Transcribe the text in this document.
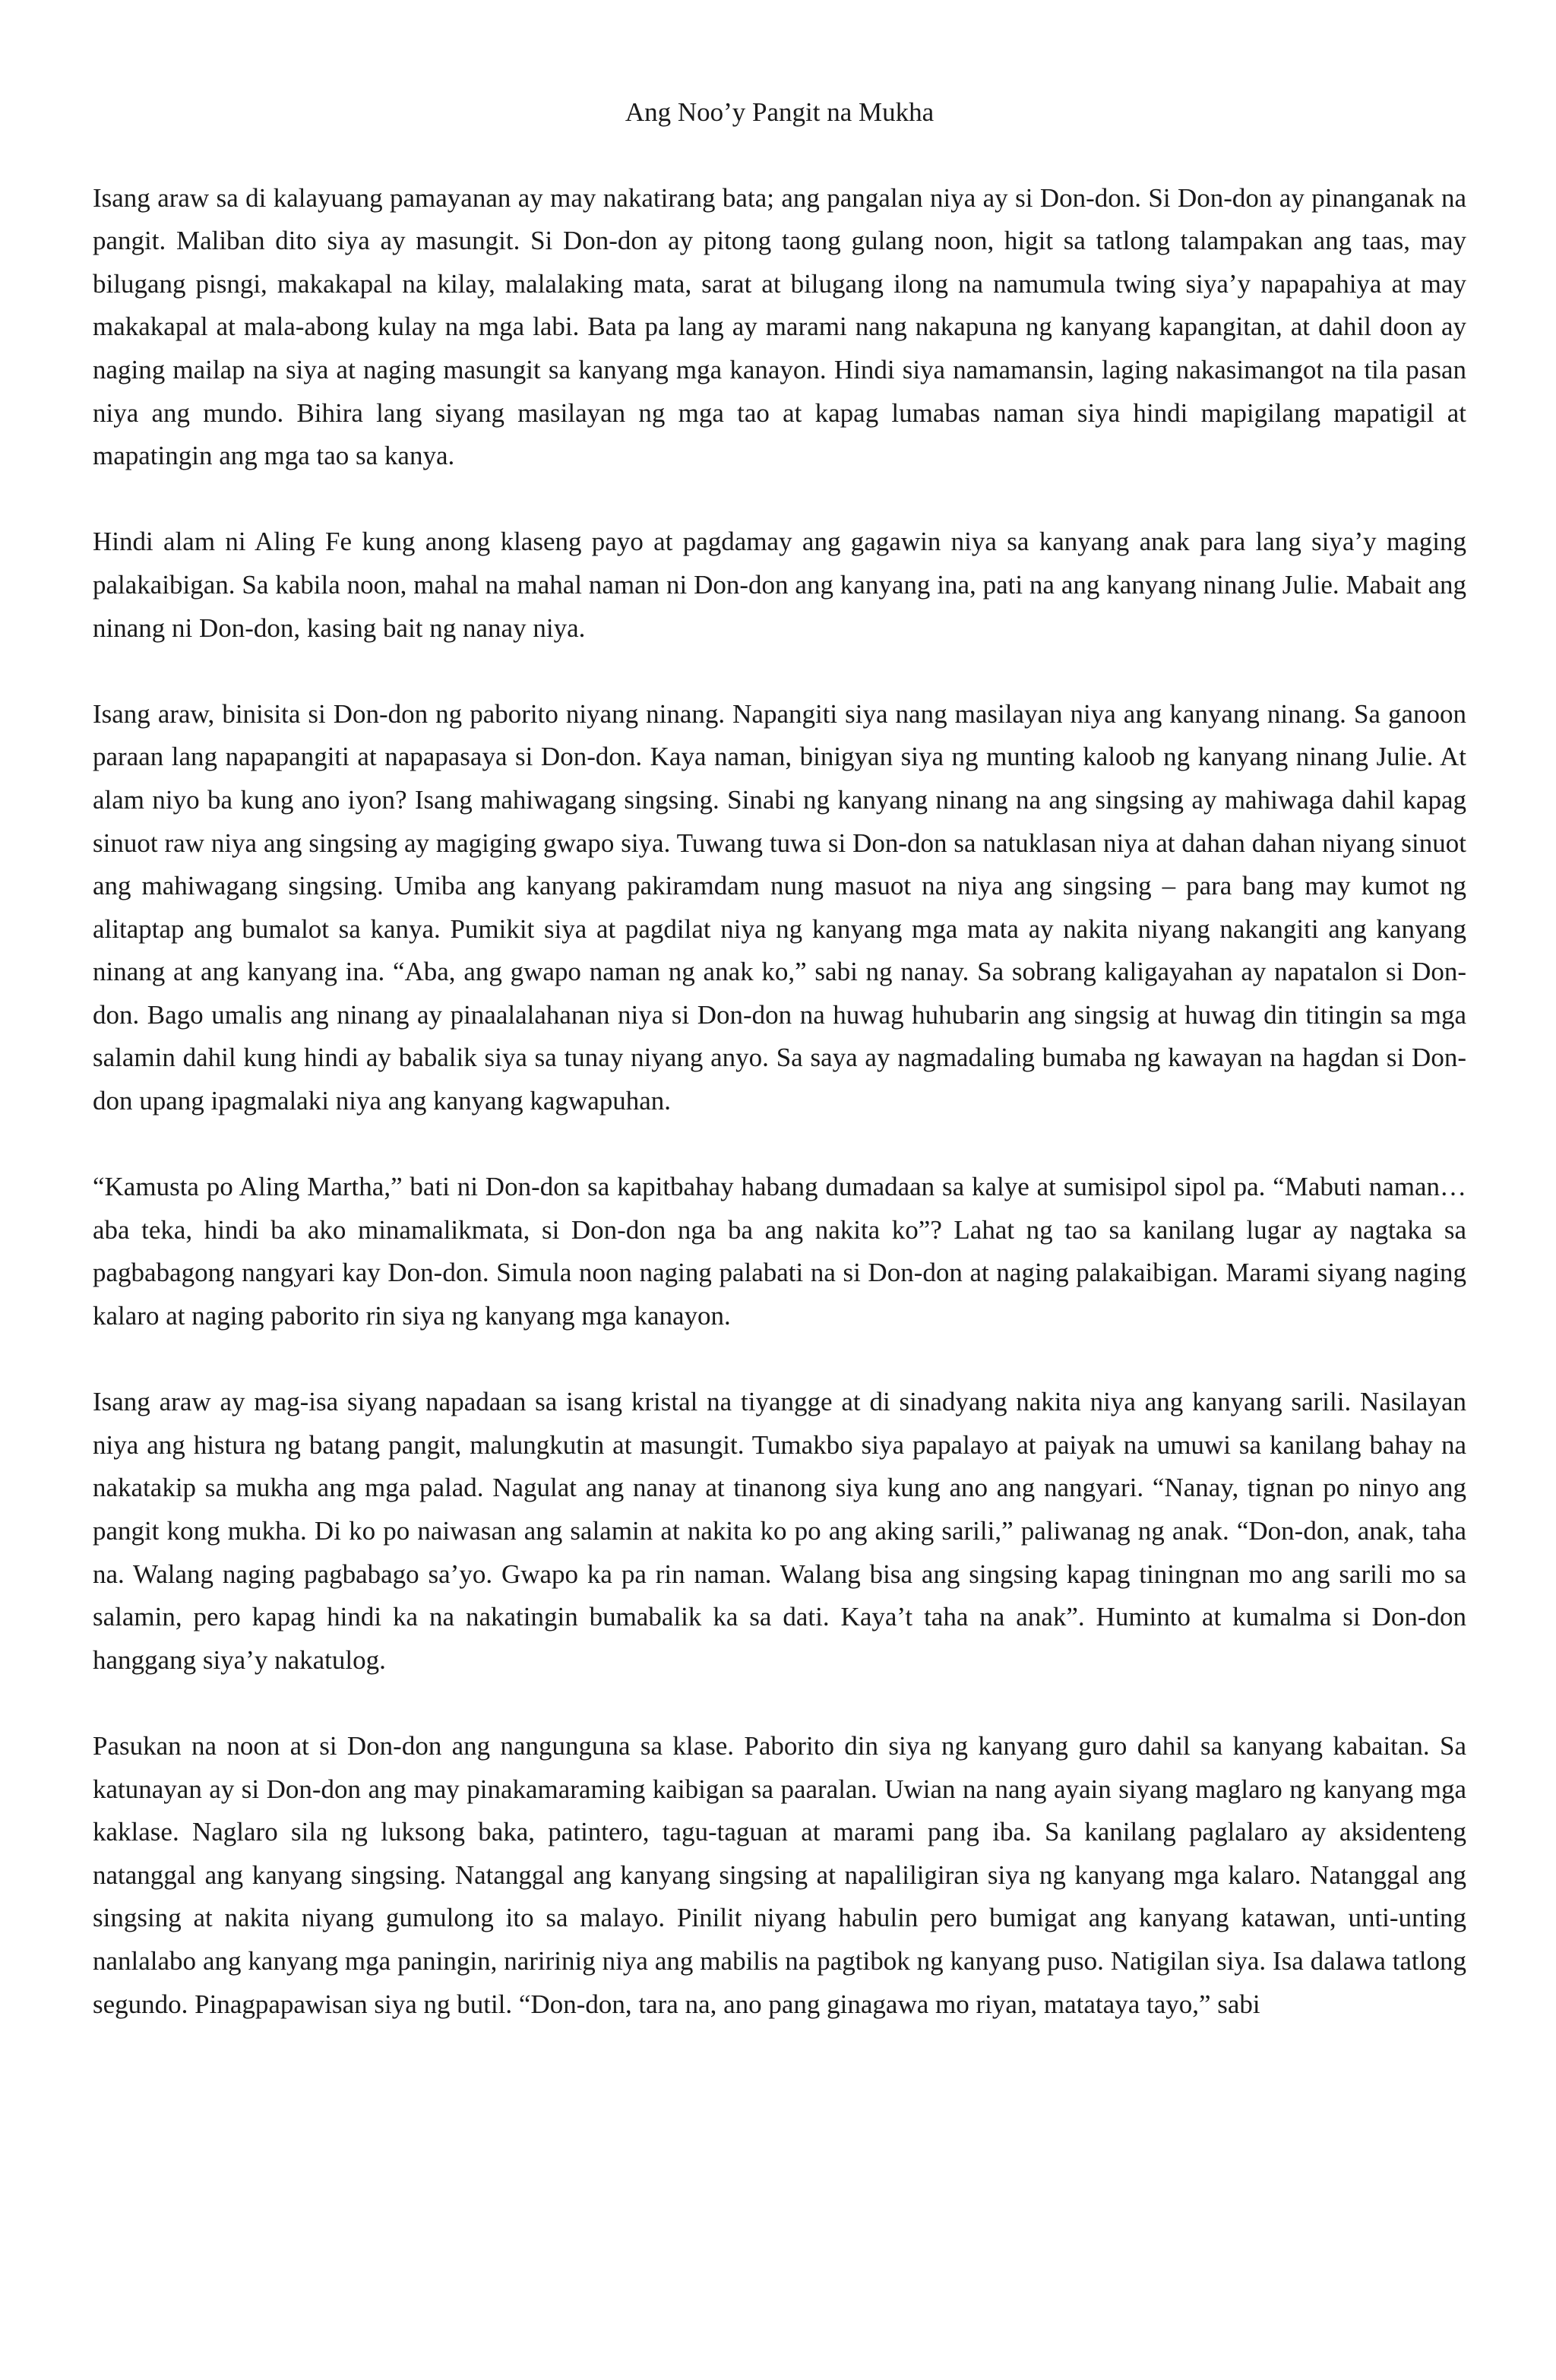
Ang Noo’y Pangit na Mukha

Isang araw sa di kalayuang pamayanan ay may nakatirang bata; ang pangalan niya ay si Don-don. Si Don-don ay pinanganak na pangit. Maliban dito siya ay masungit. Si Don-don ay pitong taong gulang noon, higit sa tatlong talampakan ang taas, may bilugang pisngi, makakapal na kilay, malalaking mata, sarat at bilugang ilong na namumula twing siya’y napapahiya at may makakapal at mala-abong kulay na mga labi. Bata pa lang ay marami nang nakapuna ng kanyang kapangitan, at dahil doon ay naging mailap na siya at naging masungit sa kanyang mga kanayon. Hindi siya namamansin, laging nakasimangot na tila pasan niya ang mundo. Bihira lang siyang masilayan ng mga tao at kapag lumabas naman siya hindi mapigilang mapatigil at mapatingin ang mga tao sa kanya.

Hindi alam ni Aling Fe kung anong klaseng payo at pagdamay ang gagawin niya sa kanyang anak para lang siya’y maging palakaibigan. Sa kabila noon, mahal na mahal naman ni Don-don ang kanyang ina, pati na ang kanyang ninang Julie. Mabait ang ninang ni Don-don, kasing bait ng nanay niya.

Isang araw, binisita si Don-don ng paborito niyang ninang. Napangiti siya nang masilayan niya ang kanyang ninang. Sa ganoon paraan lang napapangiti at napapasaya si Don-don. Kaya naman, binigyan siya ng munting kaloob ng kanyang ninang Julie. At alam niyo ba kung ano iyon? Isang mahiwagang singsing. Sinabi ng kanyang ninang na ang singsing ay mahiwaga dahil kapag sinuot raw niya ang singsing ay magiging gwapo siya. Tuwang tuwa si Don-don sa natuklasan niya at dahan dahan niyang sinuot ang mahiwagang singsing. Umiba ang kanyang pakiramdam nung masuot na niya ang singsing – para bang may kumot ng alitaptap ang bumalot sa kanya. Pumikit siya at pagdilat niya ng kanyang mga mata ay nakita niyang nakangiti ang kanyang ninang at ang kanyang ina. “Aba, ang gwapo naman ng anak ko,” sabi ng nanay. Sa sobrang kaligayahan ay napatalon si Don-don. Bago umalis ang ninang ay pinaalalahanan niya si Don-don na huwag huhubarin ang singsig at huwag din titingin sa mga salamin dahil kung hindi ay babalik siya sa tunay niyang anyo. Sa saya ay nagmadaling bumaba ng kawayan na hagdan si Don-don upang ipagmalaki niya ang kanyang kagwapuhan.

“Kamusta po Aling Martha,” bati ni Don-don sa kapitbahay habang dumadaan sa kalye at sumisipol sipol pa. “Mabuti naman… aba teka, hindi ba ako minamalikmata, si Don-don nga ba ang nakita ko”? Lahat ng tao sa kanilang lugar ay nagtaka sa pagbabagong nangyari kay Don-don. Simula noon naging palabati na si Don-don at naging palakaibigan. Marami siyang naging kalaro at naging paborito rin siya ng kanyang mga kanayon.

Isang araw ay mag-isa siyang napadaan sa isang kristal na tiyangge at di sinadyang nakita niya ang kanyang sarili. Nasilayan niya ang histura ng batang pangit, malungkutin at masungit. Tumakbo siya papalayo at paiyak na umuwi sa kanilang bahay na nakatakip sa mukha ang mga palad. Nagulat ang nanay at tinanong siya kung ano ang nangyari. “Nanay, tignan po ninyo ang pangit kong mukha. Di ko po naiwasan ang salamin at nakita ko po ang aking sarili,” paliwanag ng anak. “Don-don, anak, taha na. Walang naging pagbabago sa’yo. Gwapo ka pa rin naman. Walang bisa ang singsing kapag tiningnan mo ang sarili mo sa salamin, pero kapag hindi ka na nakatingin bumabalik ka sa dati. Kaya’t taha na anak”. Huminto at kumalma si Don-don hanggang siya’y nakatulog.

Pasukan na noon at si Don-don ang nangunguna sa klase. Paborito din siya ng kanyang guro dahil sa kanyang kabaitan. Sa katunayan ay si Don-don ang may pinakamaraming kaibigan sa paaralan. Uwian na nang ayain siyang maglaro ng kanyang mga kaklase. Naglaro sila ng luksong baka, patintero, tagu-taguan at marami pang iba. Sa kanilang paglalaro ay aksidenteng natanggal ang kanyang singsing. Natanggal ang kanyang singsing at napaliligiran siya ng kanyang mga kalaro. Natanggal ang singsing at nakita niyang gumulong ito sa malayo. Pinilit niyang habulin pero bumigat ang kanyang katawan, unti-unting nanlalabo ang kanyang mga paningin, naririnig niya ang mabilis na pagtibok ng kanyang puso. Natigilan siya. Isa dalawa tatlong segundo. Pinagpapawisan siya ng butil. “Don-don, tara na, ano pang ginagawa mo riyan, matataya tayo,” sabi
